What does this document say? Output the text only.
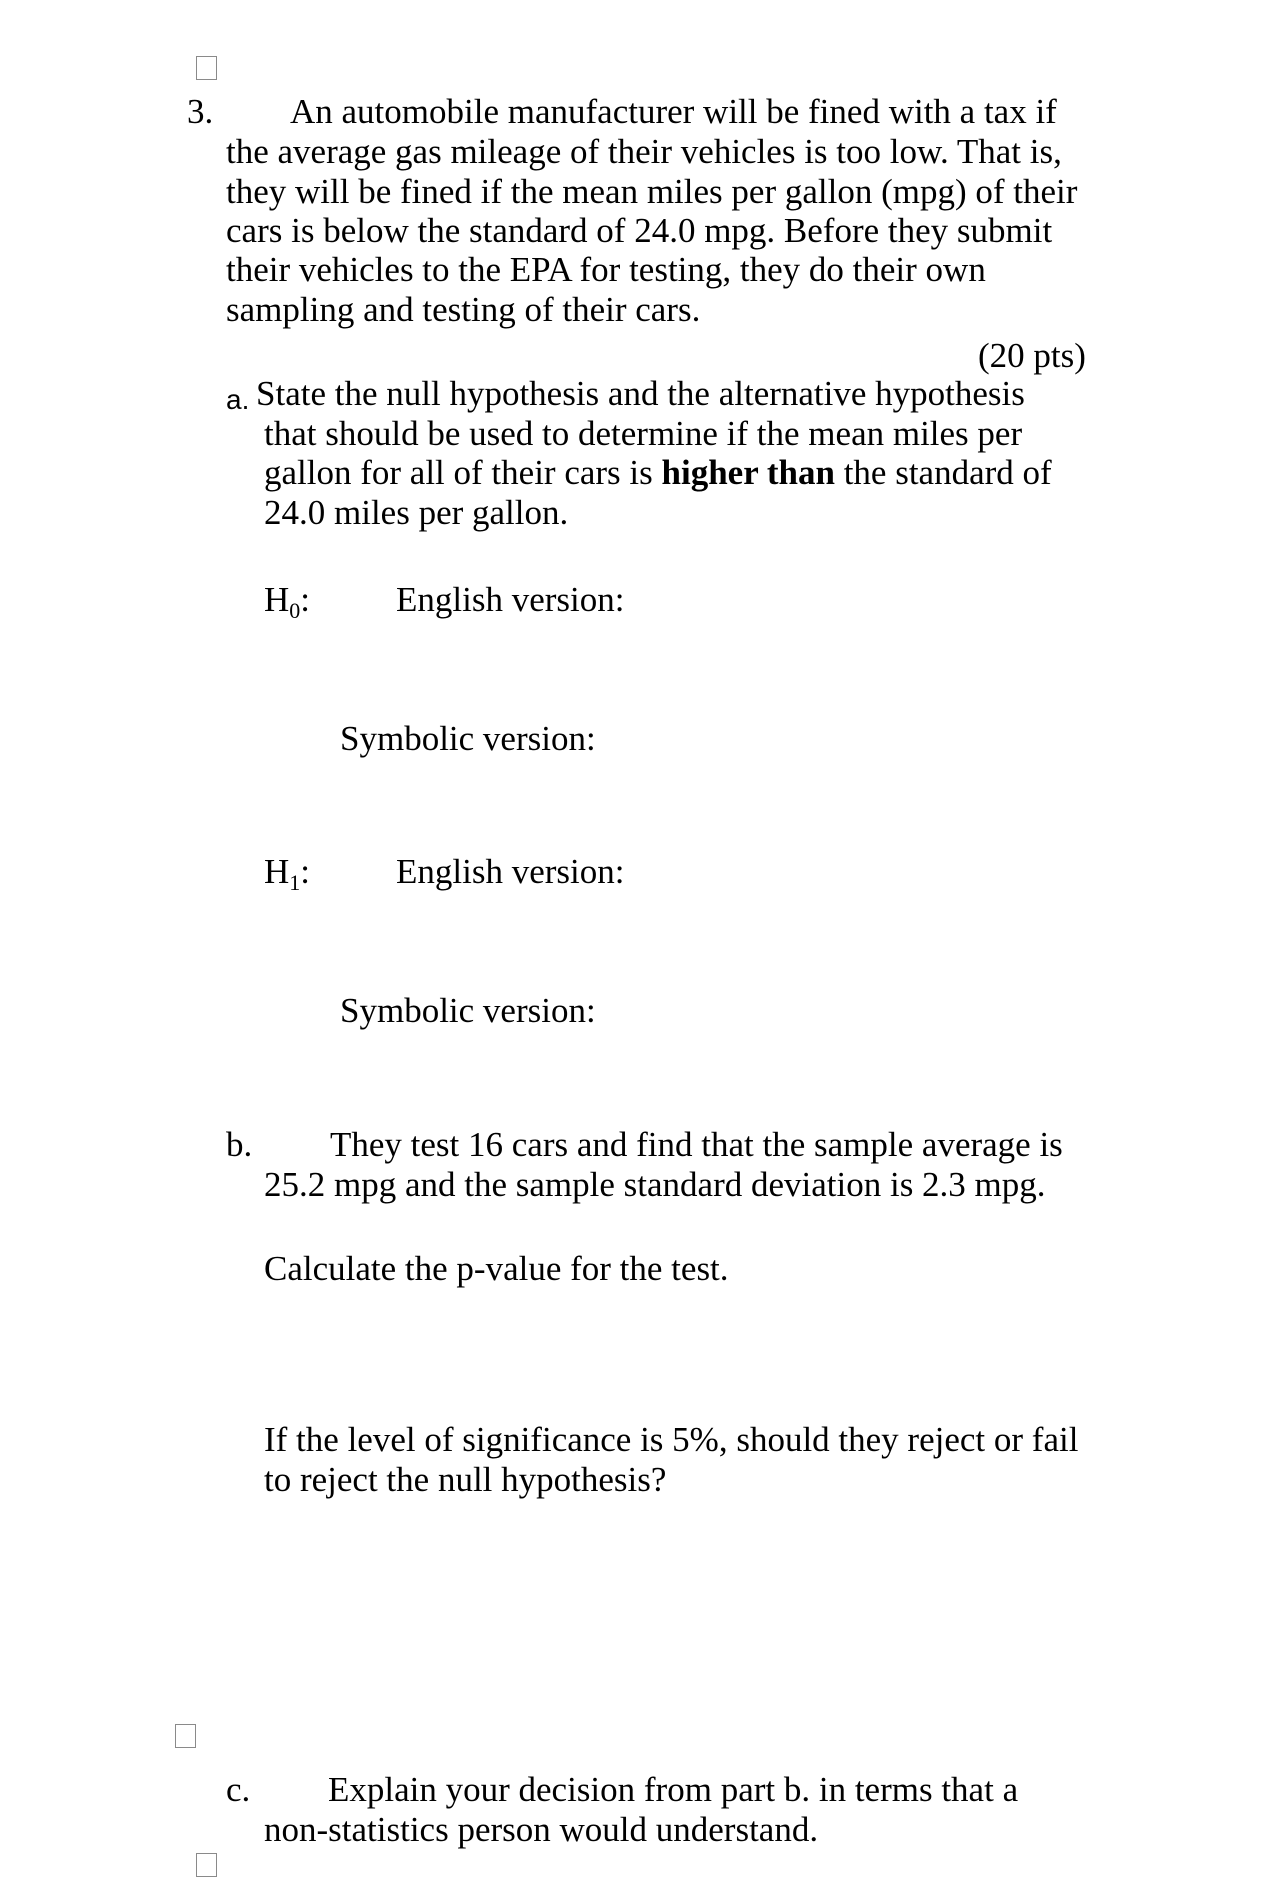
3. An automobile manufacturer will be fined with a tax if
the average gas mileage of their vehicles is too low. That is,
they will be fined if the mean miles per gallon (mpg) of their
cars is below the standard of 24.0 mpg. Before they submit
their vehicles to the EPA for testing, they do their own
sampling and testing of their cars.
(20 pts)
a. State the null hypothesis and the alternative hypothesis
that should be used to determine if the mean miles per
gallon for all of their cars is higher than the standard of
24.0 miles per gallon.
$H_0$: English version:
Symbolic version:
$H_1$: English version:
Symbolic version:
b. They test 16 cars and find that the sample average is
25.2 mpg and the sample standard deviation is 2.3 mpg.
Calculate the p-value for the test.
If the level of significance is 5%, should they reject or fail
to reject the null hypothesis?
c. Explain your decision from part b. in terms that a
non-statistics person would understand.
